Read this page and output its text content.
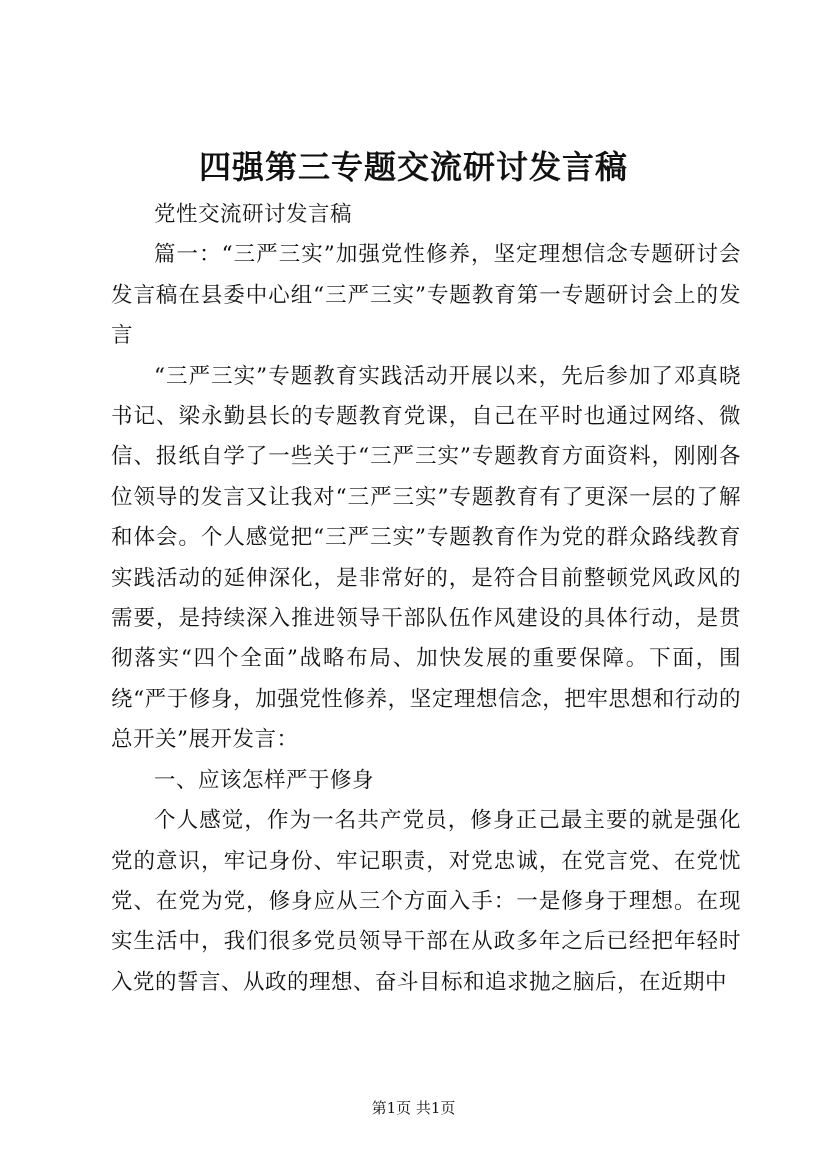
四强第三专题交流研讨发言稿

党性交流研讨发言稿

篇一：“三严三实”加强党性修养，坚定理想信念专题研讨会发言稿在县委中心组“三严三实”专题教育第一专题研讨会上的发言

“三严三实”专题教育实践活动开展以来，先后参加了邓真晓书记、梁永勤县长的专题教育党课，自己在平时也通过网络、微信、报纸自学了一些关于“三严三实”专题教育方面资料，刚刚各位领导的发言又让我对“三严三实”专题教育有了更深一层的了解和体会。个人感觉把“三严三实”专题教育作为党的群众路线教育实践活动的延伸深化，是非常好的，是符合目前整顿党风政风的需要，是持续深入推进领导干部队伍作风建设的具体行动，是贯彻落实“四个全面”战略布局、加快发展的重要保障。下面，围绕“严于修身，加强党性修养，坚定理想信念，把牢思想和行动的总开关”展开发言：

一、应该怎样严于修身

个人感觉，作为一名共产党员，修身正己最主要的就是强化党的意识，牢记身份、牢记职责，对党忠诚，在党言党、在党忧党、在党为党，修身应从三个方面入手：一是修身于理想。在现实生活中，我们很多党员领导干部在从政多年之后已经把年轻时入党的誓言、从政的理想、奋斗目标和追求抛之脑后，在近期中

第1页 共1页
